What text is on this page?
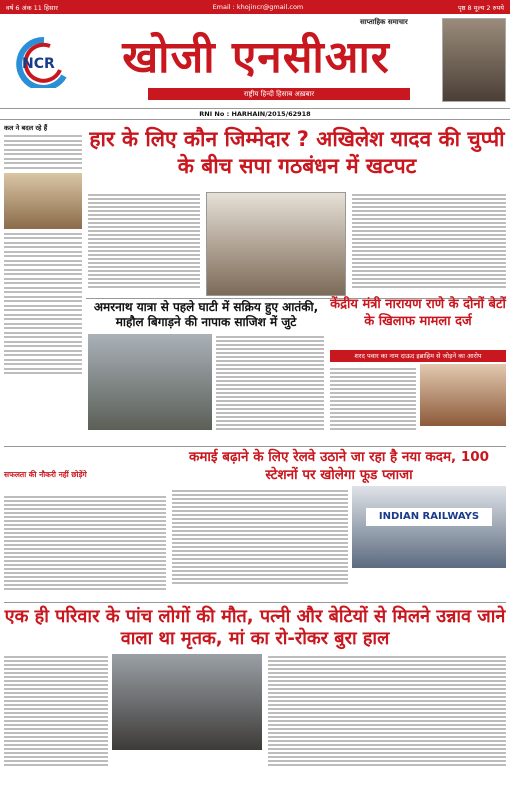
वर्ष 6 अंक 11 हिसार	Email : khojincr@gmail.com	पृष्ठ 8 मूल्य 2 रुपये
NCR
साप्ताहिक समाचार
खोजी एनसीआर
राष्ट्रीय हिन्दी हिसाब अख़बार
RNI No : HARHAIN/2015/62918
कल ने बदल रहे हैं	हार के लिए कौन जिम्मेदार ? अखिलेश यादव की चुप्पी के बीच सपा गठबंधन में खटपट
अमरनाथ यात्रा से पहले घाटी में सक्रिय हुए आतंकी, माहौल बिगाड़ने की नापाक साजिश में जुटे
केंद्रीय मंत्री नारायण राणे के दोनों बेटों के खिलाफ मामला दर्ज
शरद पवार का नाम दाऊद इब्राहिम से जोड़ने का आरोप
सफलता की नौकरी नहीं छोड़ेंगे
कमाई बढ़ाने के लिए रेलवे उठाने जा रहा है नया कदम, 100 स्टेशनों पर खोलेगा फूड प्लाजा
INDIAN RAILWAYS
एक ही परिवार के पांच लोगों की मौत, पत्नी और बेटियों से मिलने उन्नाव जाने वाला था मृतक, मां का रो-रोकर बुरा हाल
